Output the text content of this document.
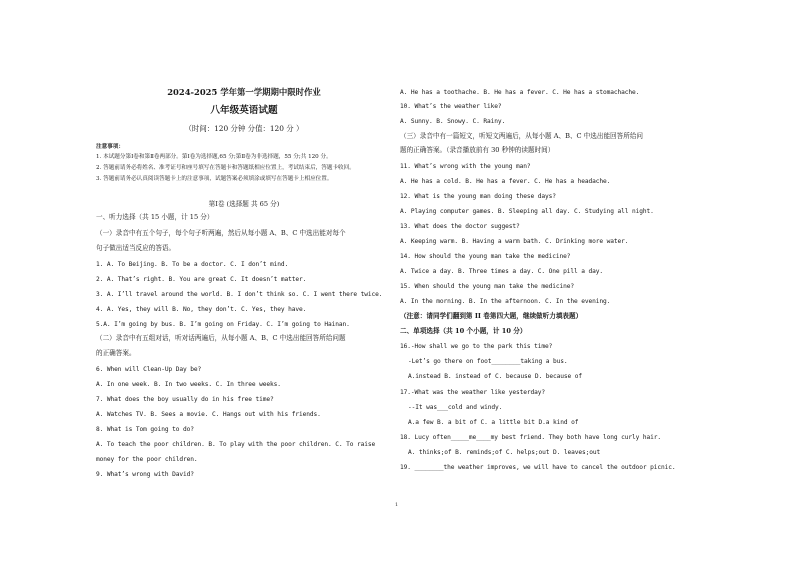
2024-2025 学年第一学期期中限时作业
八年级英语试题
（时间：120 分钟 分值：120 分 ）
注意事项：
1. 本试题分第Ⅰ卷和第Ⅱ卷两部分。第Ⅰ卷为选择题,65 分;第Ⅱ卷为非选择题，55 分;共 120 分。
2. 答题前请务必将姓名、准考证号和座号填写在答题卡和答题纸相应位置上，考试结束后，答题卡收回。
3. 答题前请务必认真阅读答题卡上的注意事项，试题答案必须填涂或填写在答题卡上相应位置。
第Ⅰ卷 (选择题 共 65 分)
一、听力选择（共 15 小题，计 15 分）
（一）录音中有五个句子，每个句子听两遍，然后从每小题 A、B、C 中选出能对每个
句子做出适当反应的答语。
1. A. To Beijing. B. To be a doctor. C. I don’t mind.
2. A. That’s right. B. You are great C. It doesn’t matter.
3. A. I’ll travel around the world. B. I don’t think so. C. I went there twice.
4. A. Yes, they will B. No, they don’t. C. Yes, they have.
5.A. I’m going by bus. B. I’m going on Friday. C. I’m going to Hainan.
（二）录音中有五组对话，听对话两遍后，从每小题 A、B、C 中选出能回答所给问题
的正确答案。
6. When will Clean-Up Day be?
A. In one week. B. In two weeks. C. In three weeks.
7. What does the boy usually do in his free time?
A. Watches TV. B. Sees a movie. C. Hangs out with his friends.
8. What is Tom going to do?
A. To teach the poor children. B. To play with the poor children. C. To raise
money for the poor children.
9. What’s wrong with David?
A. He has a toothache. B. He has a fever. C. He has a stomachache.
10. What’s the weather like?
A. Sunny. B. Snowy. C. Rainy.
（三）录音中有一篇短文，听短文两遍后，从每小题 A、B、C 中选出能回答所给问
题的正确答案。（录音播放前有 30 秒钟的读题时间）
11. What’s wrong with the young man?
A. He has a cold. B. He has a fever. C. He has a headache.
12. What is the young man doing these days?
A. Playing computer games. B. Sleeping all day. C. Studying all night.
13. What does the doctor suggest?
A. Keeping warm. B. Having a warm bath. C. Drinking more water.
14. How should the young man take the medicine?
A. Twice a day. B. Three times a day. C. One pill a day.
15. When should the young man take the medicine?
A. In the morning. B. In the afternoon. C. In the evening.
（注意：请同学们翻到第 II 卷第四大题，继续做听力填表题）
二、单项选择（共 10 个小题，计 10 分）
16.-How shall we go to the park this time?
-Let’s go there on foot________taking a bus.
A.instead B. instead of C. because D. because of
17.-What was the weather like yesterday?
--It was___cold and windy.
A.a few B. a bit of C. a little bit D.a kind of
18. Lucy often_____me____my best friend. They both have long curly hair.
A. thinks;of B. reminds;of C. helps;out D. leaves;out
19. ________the weather improves, we will have to cancel the outdoor picnic.
1
